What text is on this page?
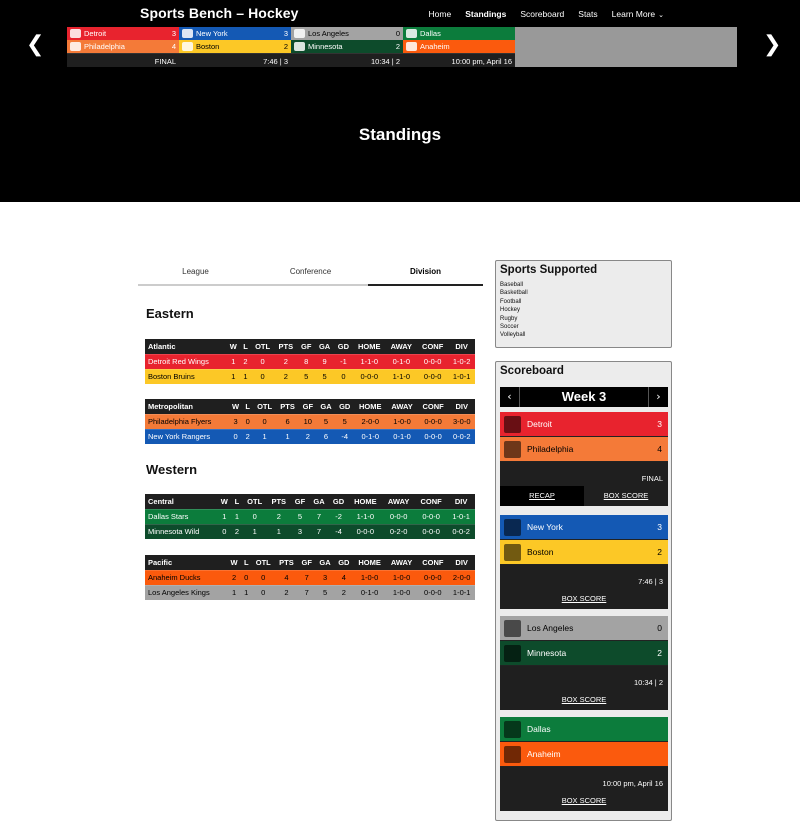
Sports Bench – Hockey	Home Standings Scoreboard Stats Learn More ⌄
❮	❯
Detroit	3
Philadelphia	4
FINAL
New York	3
Boston	2
7:46 | 3
Los Angeles	0
Minnesota	2
10:34 | 2
Dallas
Anaheim
10:00 pm, April 16
Standings
League	Conference	Division
Eastern
Atlantic	W	L	OTL	PTS	GF	GA	GD	HOME	AWAY	CONF	DIV
Detroit Red Wings	1	2	0	2	8	9	-1	1-1-0	0-1-0	0-0-0	1-0-2
Boston Bruins	1	1	0	2	5	5	0	0-0-0	1-1-0	0-0-0	1-0-1
Metropolitan	W	L	OTL	PTS	GF	GA	GD	HOME	AWAY	CONF	DIV
Philadelphia Flyers	3	0	0	6	10	5	5	2-0-0	1-0-0	0-0-0	3-0-0
New York Rangers	0	2	1	1	2	6	-4	0-1-0	0-1-0	0-0-0	0-0-2
Western
Central	W	L	OTL	PTS	GF	GA	GD	HOME	AWAY	CONF	DIV
Dallas Stars	1	1	0	2	5	7	-2	1-1-0	0-0-0	0-0-0	1-0-1
Minnesota Wild	0	2	1	1	3	7	-4	0-0-0	0-2-0	0-0-0	0-0-2
Pacific	W	L	OTL	PTS	GF	GA	GD	HOME	AWAY	CONF	DIV
Anaheim Ducks	2	0	0	4	7	3	4	1-0-0	1-0-0	0-0-0	2-0-0
Los Angeles Kings	1	1	0	2	7	5	2	0-1-0	1-0-0	0-0-0	1-0-1
Sports Supported
Baseball
Basketball
Football
Hockey
Rugby
Soccer
Volleyball
Scoreboard
‹	Week 3	›
Detroit	3
Philadelphia	4
FINAL
RECAP	BOX SCORE
New York	3
Boston	2
7:46 | 3
BOX SCORE
Los Angeles	0
Minnesota	2
10:34 | 2
BOX SCORE
Dallas
Anaheim
10:00 pm, April 16
BOX SCORE
